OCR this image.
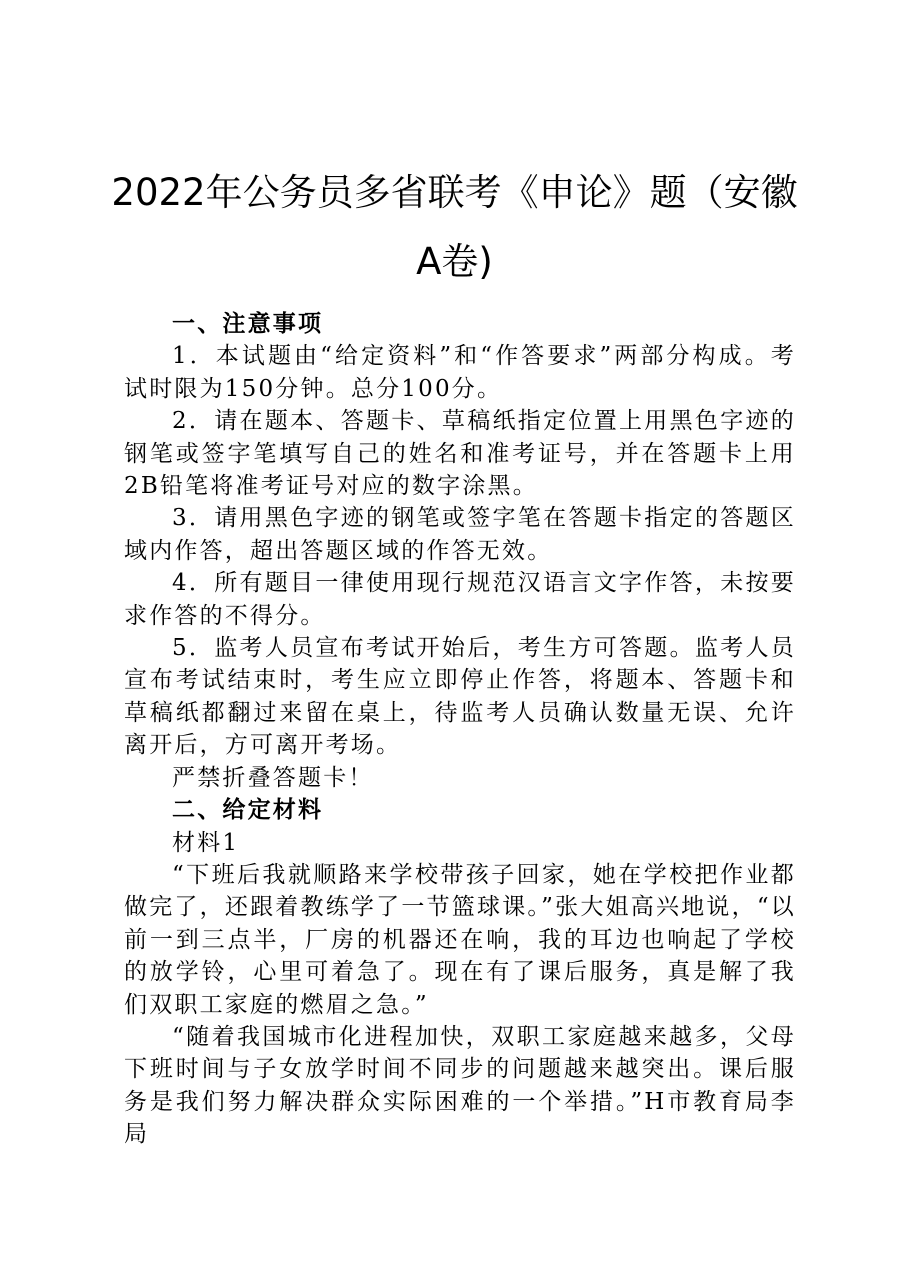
2022年公务员多省联考《申论》题（安徽A卷)

一、注意事项

1．本试题由“给定资料”和“作答要求”两部分构成。考试时限为150分钟。总分100分。

2．请在题本、答题卡、草稿纸指定位置上用黑色字迹的钢笔或签字笔填写自己的姓名和准考证号，并在答题卡上用2B铅笔将准考证号对应的数字涂黑。

3．请用黑色字迹的钢笔或签字笔在答题卡指定的答题区域内作答，超出答题区域的作答无效。

4．所有题目一律使用现行规范汉语言文字作答，未按要求作答的不得分。

5．监考人员宣布考试开始后，考生方可答题。监考人员宣布考试结束时，考生应立即停止作答，将题本、答题卡和草稿纸都翻过来留在桌上，待监考人员确认数量无误、允许离开后，方可离开考场。

严禁折叠答题卡！

二、给定材料

材料1

“下班后我就顺路来学校带孩子回家，她在学校把作业都做完了，还跟着教练学了一节篮球课。”张大姐高兴地说，“以前一到三点半，厂房的机器还在响，我的耳边也响起了学校的放学铃，心里可着急了。现在有了课后服务，真是解了我们双职工家庭的燃眉之急。”

“随着我国城市化进程加快，双职工家庭越来越多，父母下班时间与子女放学时间不同步的问题越来越突出。课后服务是我们努力解决群众实际困难的一个举措。”H市教育局李局
